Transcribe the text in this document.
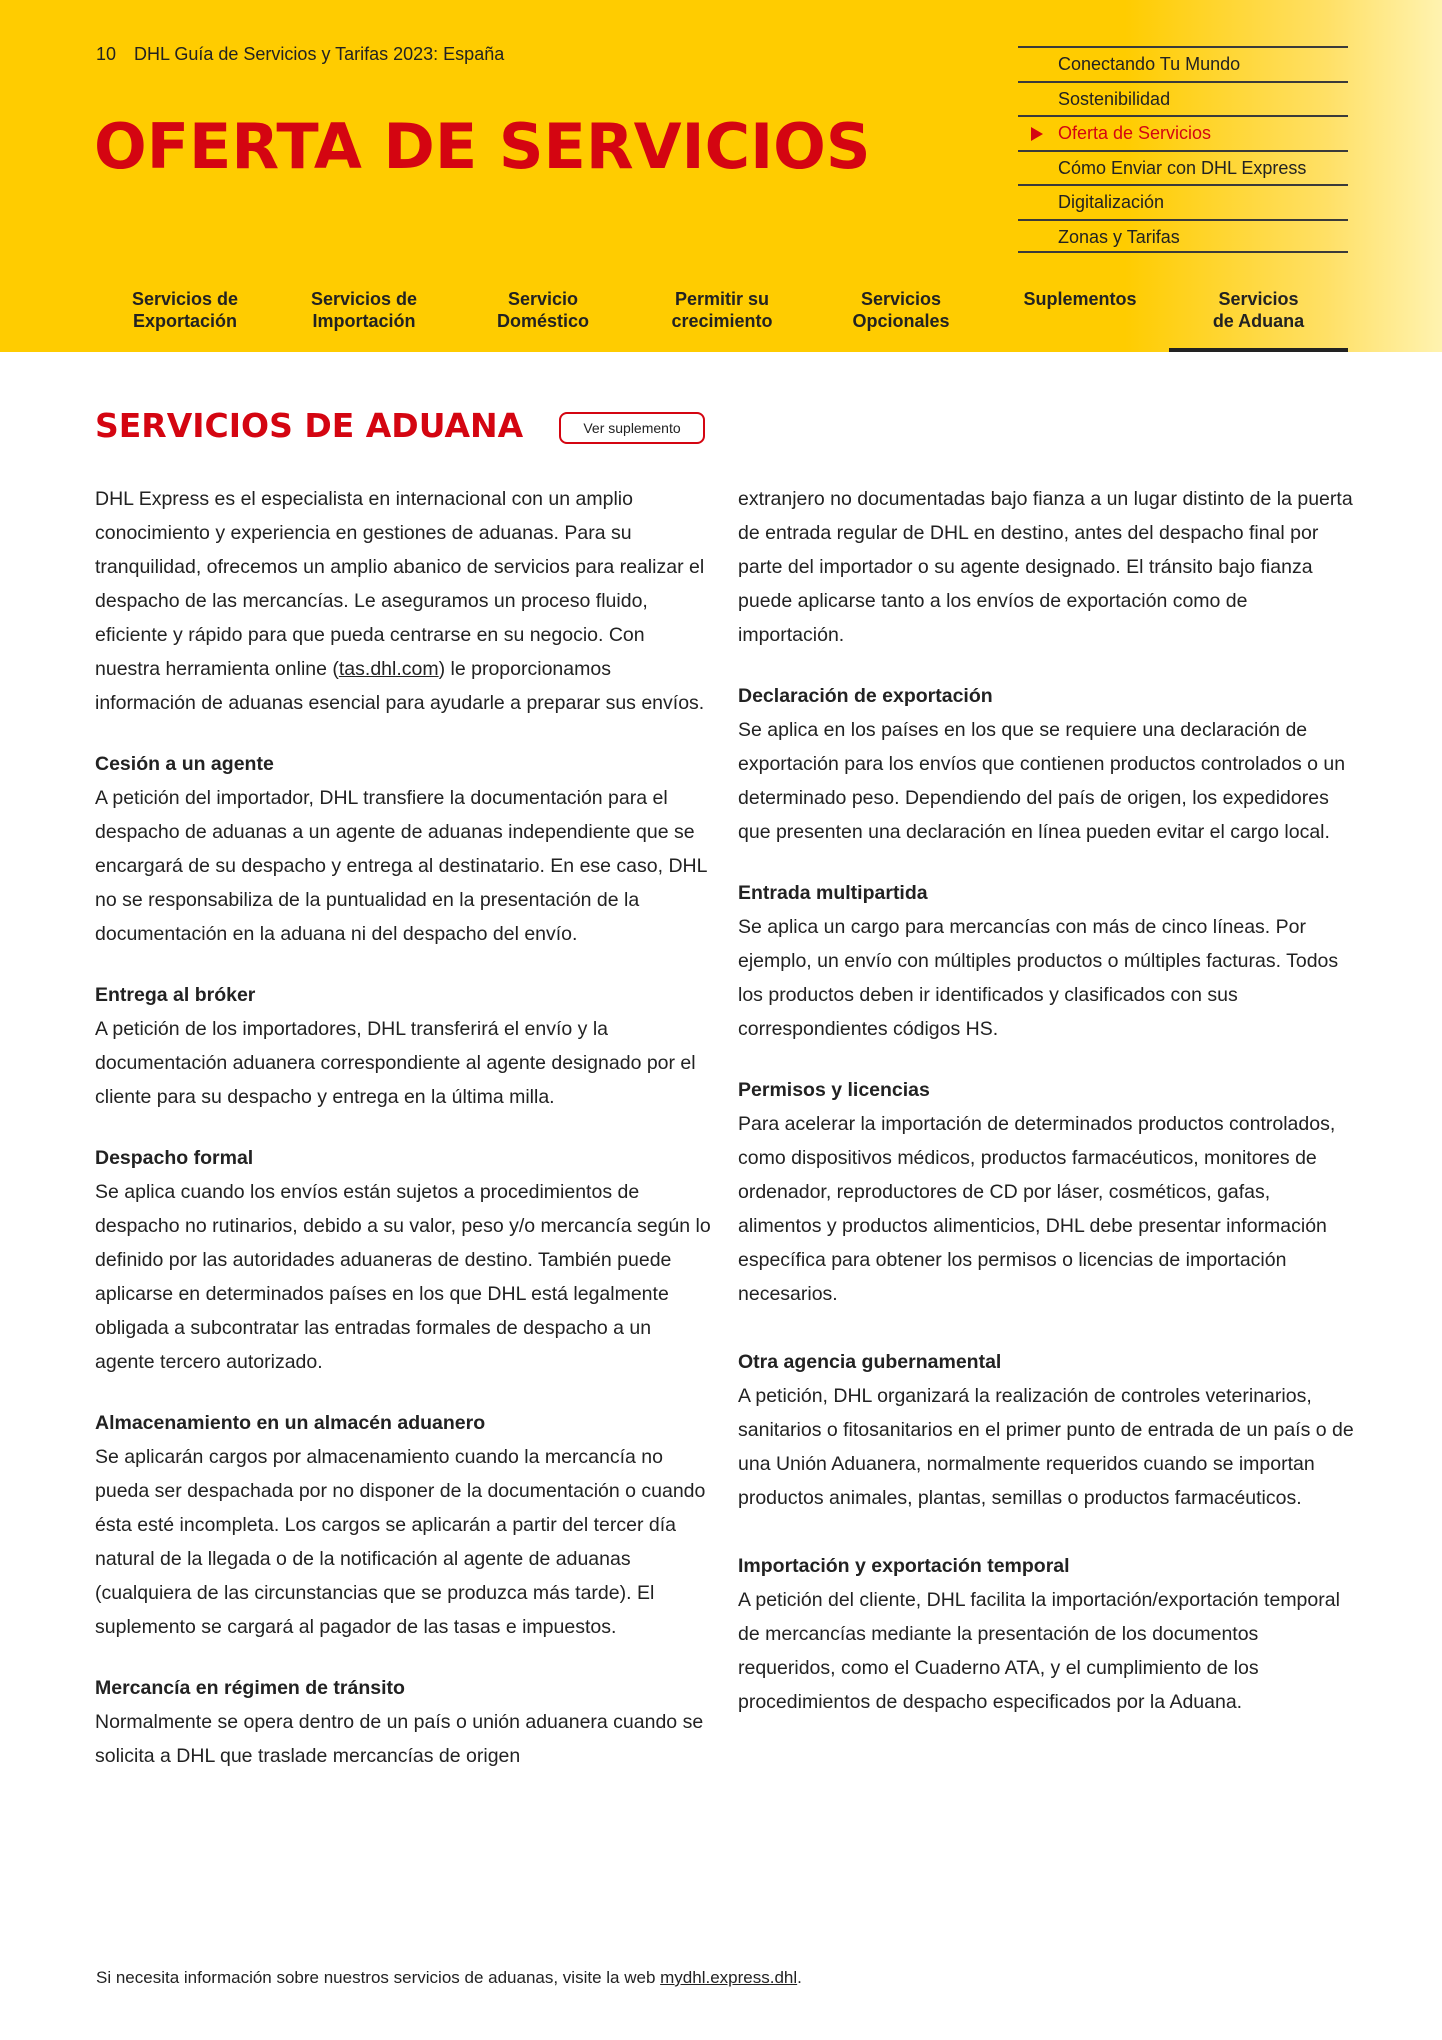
10 DHL Guía de Servicios y Tarifas 2023: España
OFERTA DE SERVICIOS
Conectando Tu Mundo
Sostenibilidad
Oferta de Servicios
Cómo Enviar con DHL Express
Digitalización
Zonas y Tarifas
Servicios de
Exportación
Servicios de
Importación
Servicio
Doméstico
Permitir su
crecimiento
Servicios
Opcionales
Suplementos	Servicios
de Aduana
SERVICIOS DE ADUANA	Ver suplemento

DHL Express es el especialista en internacional con un amplio conocimiento y experiencia en gestiones de aduanas. Para su tranquilidad, ofrecemos un amplio abanico de servicios para realizar el despacho de las mercancías. Le aseguramos un proceso fluido, eficiente y rápido para que pueda centrarse en su negocio. Con nuestra herramienta online (tas.dhl.com) le proporcionamos información de aduanas esencial para ayudarle a preparar sus envíos.

Cesión a un agente

A petición del importador, DHL transfiere la documentación para el despacho de aduanas a un agente de aduanas independiente que se encargará de su despacho y entrega al destinatario. En ese caso, DHL no se responsabiliza de la puntualidad en la presentación de la documentación en la aduana ni del despacho del envío.

Entrega al bróker

A petición de los importadores, DHL transferirá el envío y la documentación aduanera correspondiente al agente designado por el cliente para su despacho y entrega en la última milla.

Despacho formal

Se aplica cuando los envíos están sujetos a procedimientos de despacho no rutinarios, debido a su valor, peso y/o mercancía según lo definido por las autoridades aduaneras de destino. También puede aplicarse en determinados países en los que DHL está legalmente obligada a subcontratar las entradas formales de despacho a un agente tercero autorizado.

Almacenamiento en un almacén aduanero

Se aplicarán cargos por almacenamiento cuando la mercancía no pueda ser despachada por no disponer de la documentación o cuando ésta esté incompleta. Los cargos se aplicarán a partir del tercer día natural de la llegada o de la notificación al agente de aduanas (cualquiera de las circunstancias que se produzca más tarde). El suplemento se cargará al pagador de las tasas e impuestos.

Mercancía en régimen de tránsito

Normalmente se opera dentro de un país o unión aduanera cuando se solicita a DHL que traslade mercancías de origen

extranjero no documentadas bajo fianza a un lugar distinto de la puerta de entrada regular de DHL en destino, antes del despacho final por parte del importador o su agente designado. El tránsito bajo fianza puede aplicarse tanto a los envíos de exportación como de importación.

Declaración de exportación

Se aplica en los países en los que se requiere una declaración de exportación para los envíos que contienen productos controlados o un determinado peso. Dependiendo del país de origen, los expedidores que presenten una declaración en línea pueden evitar el cargo local.

Entrada multipartida

Se aplica un cargo para mercancías con más de cinco líneas. Por ejemplo, un envío con múltiples productos o múltiples facturas. Todos los productos deben ir identificados y clasificados con sus correspondientes códigos HS.

Permisos y licencias

Para acelerar la importación de determinados productos controlados, como dispositivos médicos, productos farmacéuticos, monitores de ordenador, reproductores de CD por láser, cosméticos, gafas, alimentos y productos alimenticios, DHL debe presentar información específica para obtener los permisos o licencias de importación necesarios.

Otra agencia gubernamental

A petición, DHL organizará la realización de controles veterinarios, sanitarios o fitosanitarios en el primer punto de entrada de un país o de una Unión Aduanera, normalmente requeridos cuando se importan productos animales, plantas, semillas o productos farmacéuticos.

Importación y exportación temporal

A petición del cliente, DHL facilita la importación/exportación temporal de mercancías mediante la presentación de los documentos requeridos, como el Cuaderno ATA, y el cumplimiento de los procedimientos de despacho especificados por la Aduana.

Si necesita información sobre nuestros servicios de aduanas, visite la web mydhl.express.dhl.
